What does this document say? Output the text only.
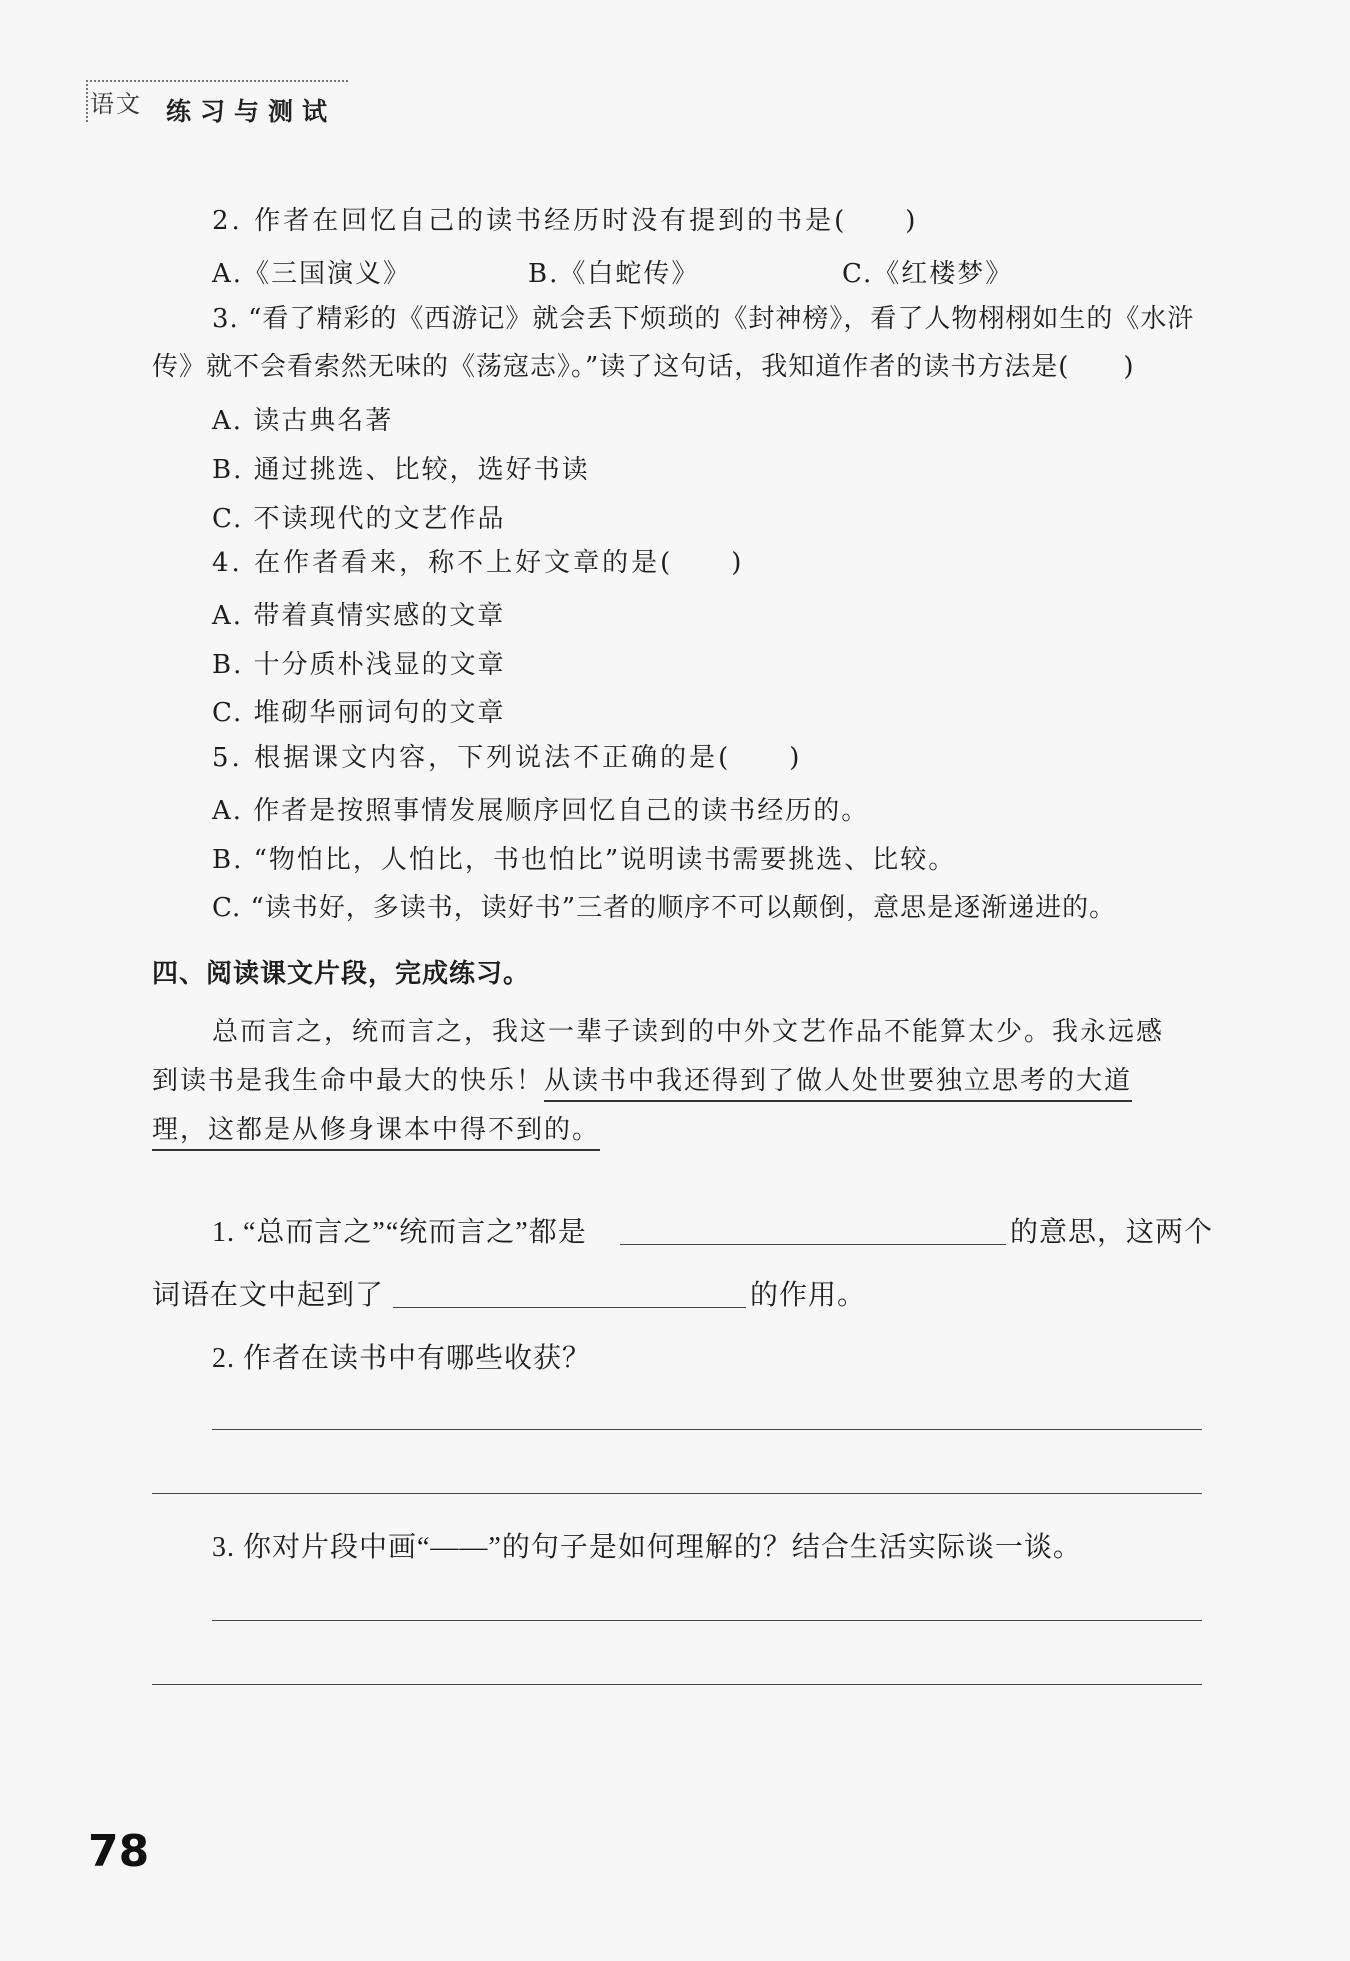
语文 练习与测试
2. 作者在回忆自己的读书经历时没有提到的书是(　　)
A.《三国演义》	B.《白蛇传》	C.《红楼梦》
3. “看了精彩的《西游记》就会丢下烦琐的《封神榜》，看了人物栩栩如生的《水浒
传》就不会看索然无味的《荡寇志》。”读了这句话，我知道作者的读书方法是(　　)
A. 读古典名著
B. 通过挑选、比较，选好书读
C. 不读现代的文艺作品
4. 在作者看来，称不上好文章的是(　　)
A. 带着真情实感的文章
B. 十分质朴浅显的文章
C. 堆砌华丽词句的文章
5. 根据课文内容，下列说法不正确的是(　　)
A. 作者是按照事情发展顺序回忆自己的读书经历的。
B. “物怕比，人怕比，书也怕比”说明读书需要挑选、比较。
C. “读书好，多读书，读好书”三者的顺序不可以颠倒，意思是逐渐递进的。
四、阅读课文片段，完成练习。
总而言之，统而言之，我这一辈子读到的中外文艺作品不能算太少。我永远感
到读书是我生命中最大的快乐！从读书中我还得到了做人处世要独立思考的大道
理，这都是从修身课本中得不到的。
1. “总而言之”“统而言之”都是	的意思，这两个
词语在文中起到了	的作用。
2. 作者在读书中有哪些收获？
3. 你对片段中画“——”的句子是如何理解的？结合生活实际谈一谈。
78
